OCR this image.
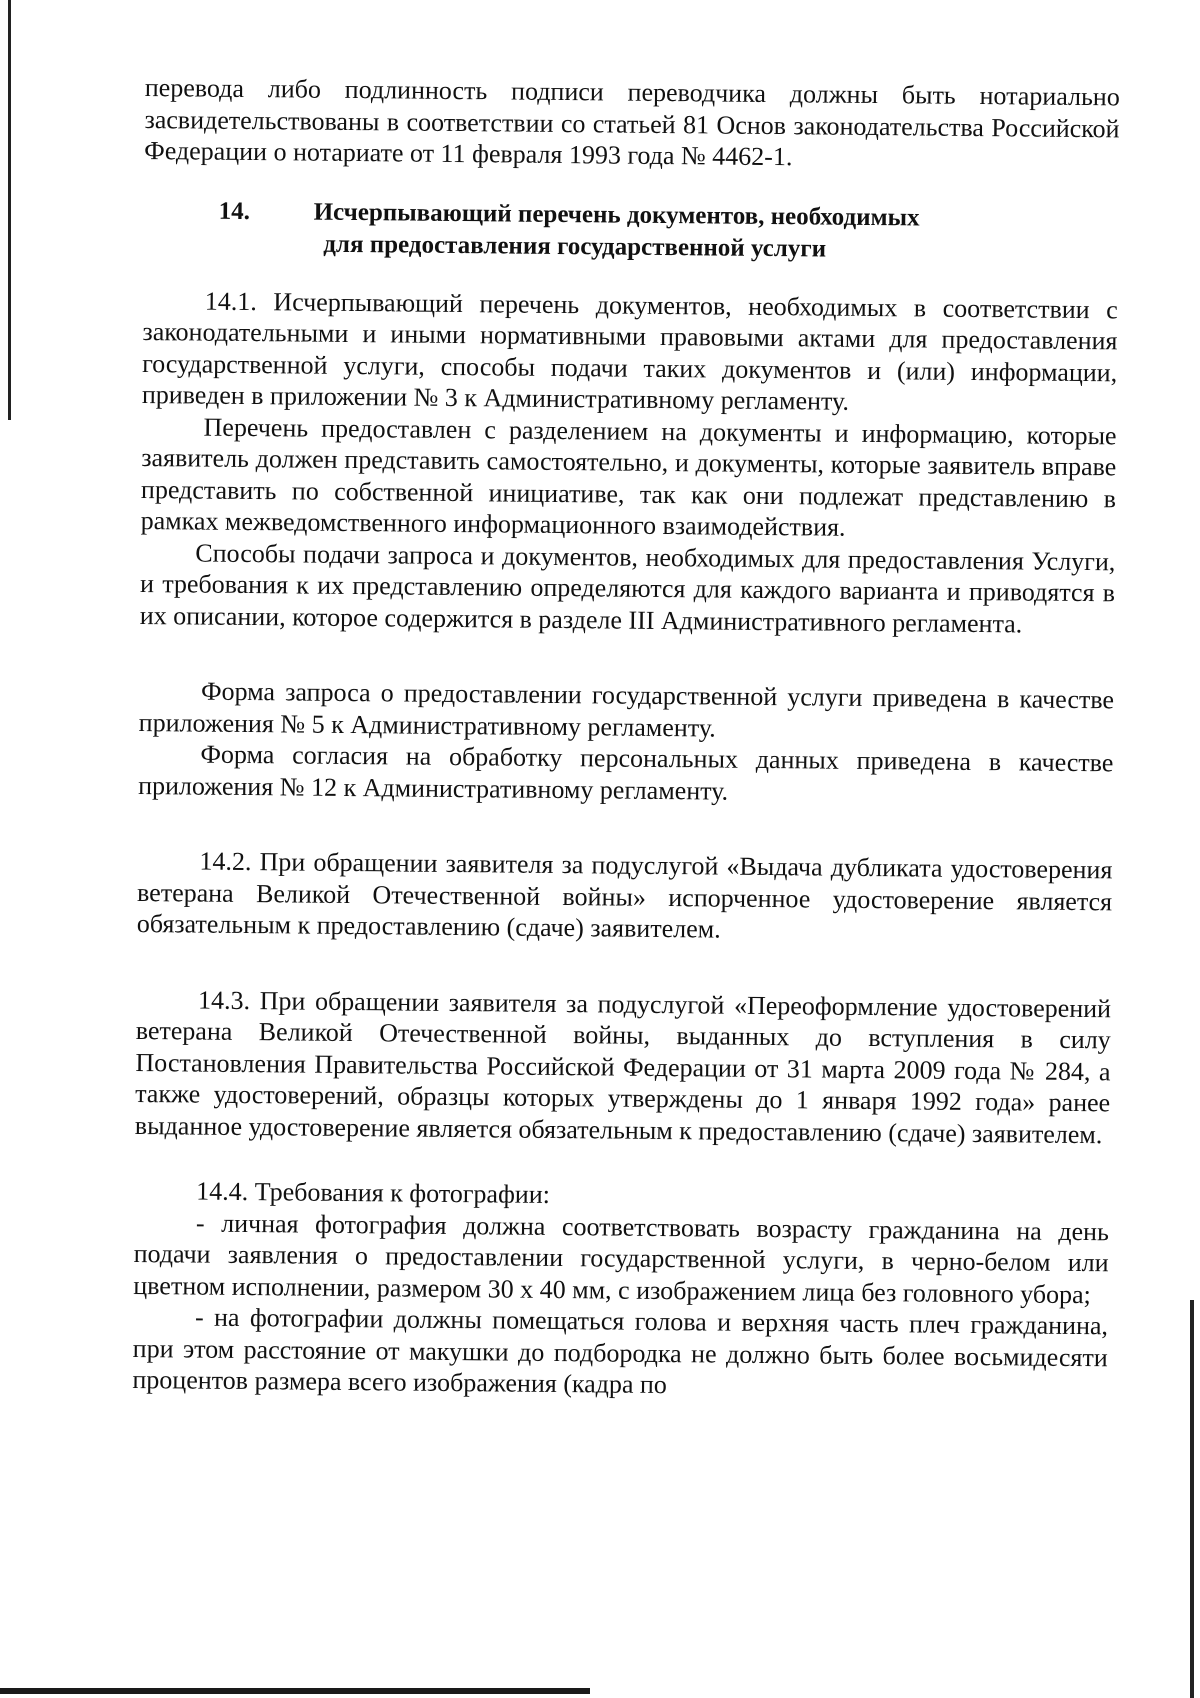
перевода либо подлинность подписи переводчика должны быть нотариально засвидетельствованы в соответствии со статьей 81 Основ законодательства Российской Федерации о нотариате от 11 февраля 1993 года № 4462-1.

14.	Исчерпывающий перечень документов, необходимых
для предоставления государственной услуги

14.1. Исчерпывающий перечень документов, необходимых в соответствии с законодательными и иными нормативными правовыми актами для предоставления государственной услуги, способы подачи таких документов и (или) информации, приведен в приложении № 3 к Административному регламенту.

Перечень предоставлен с разделением на документы и информацию, которые заявитель должен представить самостоятельно, и документы, которые заявитель вправе представить по собственной инициативе, так как они подлежат представлению в рамках межведомственного информационного взаимодействия.

Способы подачи запроса и документов, необходимых для предоставления Услуги, и требования к их представлению определяются для каждого варианта и приводятся в их описании, которое содержится в разделе III Административного регламента.

Форма запроса о предоставлении государственной услуги приведена в качестве приложения № 5 к Административному регламенту.

Форма согласия на обработку персональных данных приведена в качестве приложения № 12 к Административному регламенту.

14.2. При обращении заявителя за подуслугой «Выдача дубликата удостоверения ветерана Великой Отечественной войны» испорченное удостоверение является обязательным к предоставлению (сдаче) заявителем.

14.3. При обращении заявителя за подуслугой «Переоформление удостоверений ветерана Великой Отечественной войны, выданных до вступления в силу Постановления Правительства Российской Федерации от 31 марта 2009 года № 284, а также удостоверений, образцы которых утверждены до 1 января 1992 года» ранее выданное удостоверение является обязательным к предоставлению (сдаче) заявителем.

14.4. Требования к фотографии:

- личная фотография должна соответствовать возрасту гражданина на день подачи заявления о предоставлении государственной услуги, в черно-белом или цветном исполнении, размером 30 х 40 мм, с изображением лица без головного убора;

- на фотографии должны помещаться голова и верхняя часть плеч гражданина, при этом расстояние от макушки до подбородка не должно быть более восьмидесяти процентов размера всего изображения (кадра по
